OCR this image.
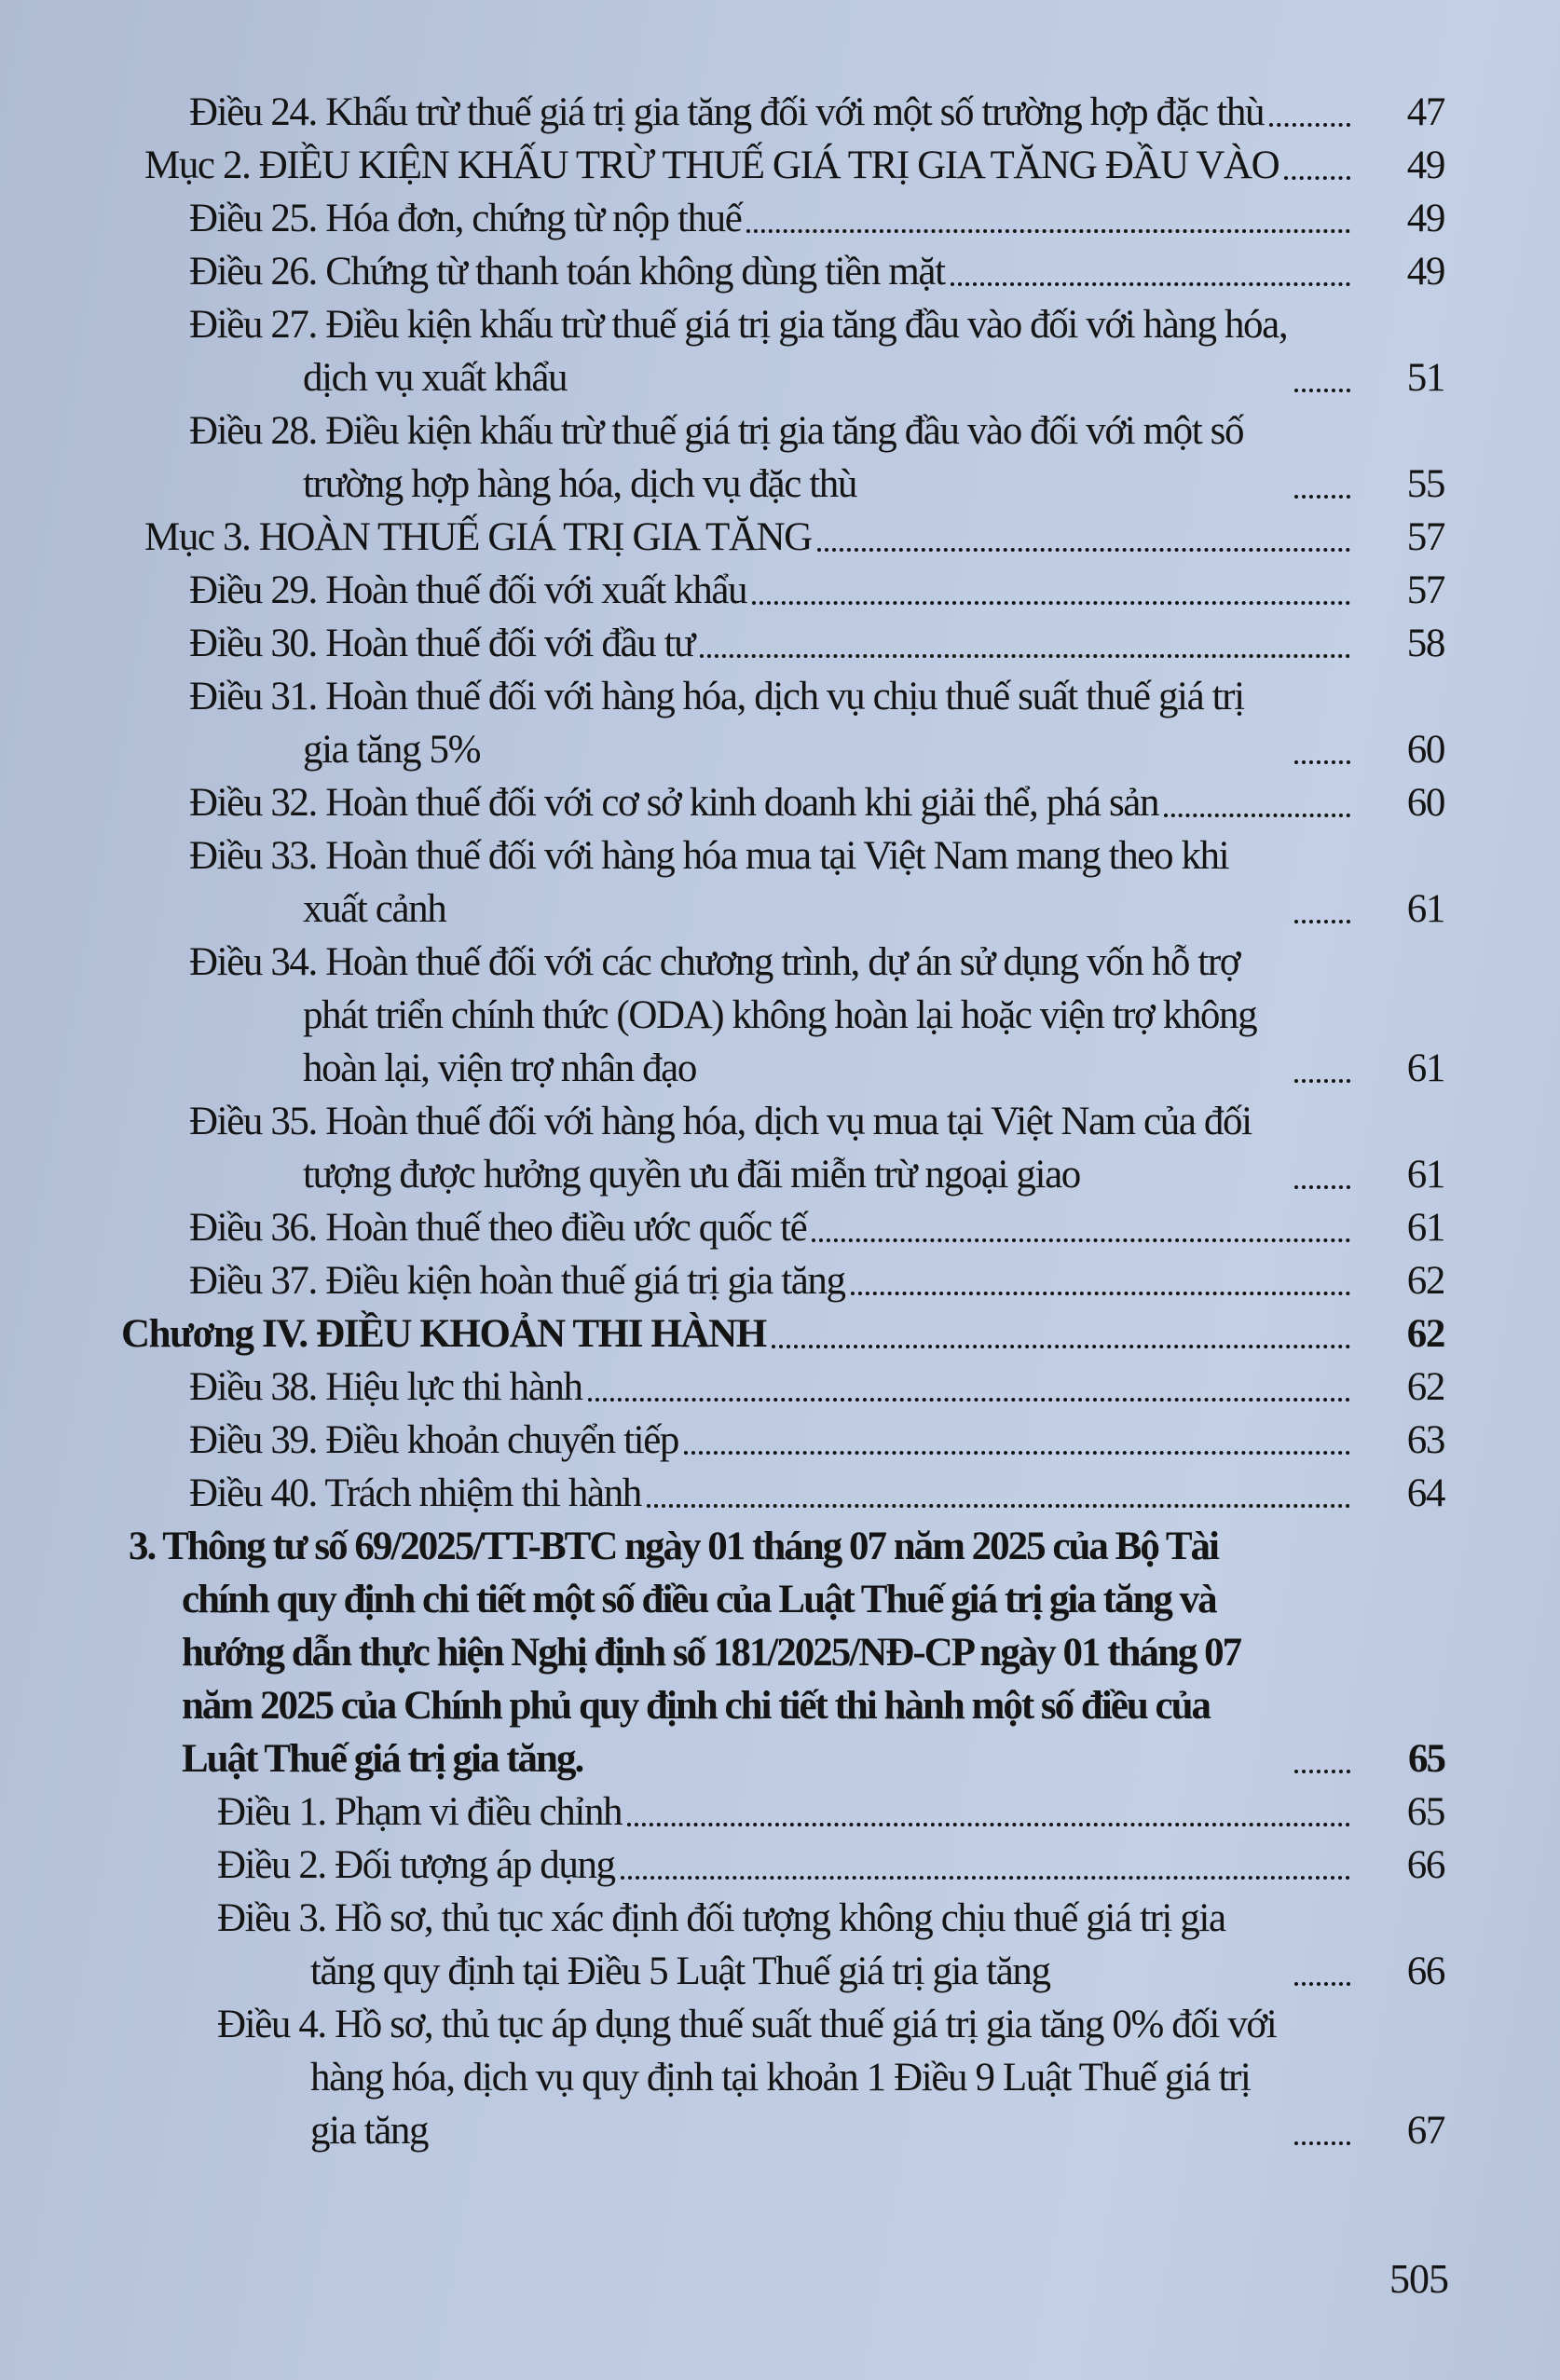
Điều 24. Khấu trừ thuế giá trị gia tăng đối với một số trường hợp đặc thù	47
Mục 2. ĐIỀU KIỆN KHẤU TRỪ THUẾ GIÁ TRỊ GIA TĂNG ĐẦU VÀO	49
Điều 25. Hóa đơn, chứng từ nộp thuế	49
Điều 26. Chứng từ thanh toán không dùng tiền mặt	49
Điều 27. Điều kiện khấu trừ thuế giá trị gia tăng đầu vào đối với hàng hóa, dịch vụ xuất khẩu	51
Điều 28. Điều kiện khấu trừ thuế giá trị gia tăng đầu vào đối với một số trường hợp hàng hóa, dịch vụ đặc thù	55
Mục 3. HOÀN THUẾ GIÁ TRỊ GIA TĂNG	57
Điều 29. Hoàn thuế đối với xuất khẩu	57
Điều 30. Hoàn thuế đối với đầu tư	58
Điều 31. Hoàn thuế đối với hàng hóa, dịch vụ chịu thuế suất thuế giá trị gia tăng 5%	60
Điều 32. Hoàn thuế đối với cơ sở kinh doanh khi giải thể, phá sản	60
Điều 33. Hoàn thuế đối với hàng hóa mua tại Việt Nam mang theo khi xuất cảnh	61
Điều 34. Hoàn thuế đối với các chương trình, dự án sử dụng vốn hỗ trợ phát triển chính thức (ODA) không hoàn lại hoặc viện trợ không hoàn lại, viện trợ nhân đạo	61
Điều 35. Hoàn thuế đối với hàng hóa, dịch vụ mua tại Việt Nam của đối tượng được hưởng quyền ưu đãi miễn trừ ngoại giao	61
Điều 36. Hoàn thuế theo điều ước quốc tế	61
Điều 37. Điều kiện hoàn thuế giá trị gia tăng	62
Chương IV. ĐIỀU KHOẢN THI HÀNH	62
Điều 38. Hiệu lực thi hành	62
Điều 39. Điều khoản chuyển tiếp	63
Điều 40. Trách nhiệm thi hành	64
3. Thông tư số 69/2025/TT-BTC ngày 01 tháng 07 năm 2025 của Bộ Tài chính quy định chi tiết một số điều của Luật Thuế giá trị gia tăng và hướng dẫn thực hiện Nghị định số 181/2025/NĐ-CP ngày 01 tháng 07 năm 2025 của Chính phủ quy định chi tiết thi hành một số điều của Luật Thuế giá trị gia tăng.	65
Điều 1. Phạm vi điều chỉnh	65
Điều 2. Đối tượng áp dụng	66
Điều 3. Hồ sơ, thủ tục xác định đối tượng không chịu thuế giá trị gia tăng quy định tại Điều 5 Luật Thuế giá trị gia tăng	66
Điều 4. Hồ sơ, thủ tục áp dụng thuế suất thuế giá trị gia tăng 0% đối với hàng hóa, dịch vụ quy định tại khoản 1 Điều 9 Luật Thuế giá trị gia tăng	67
505
